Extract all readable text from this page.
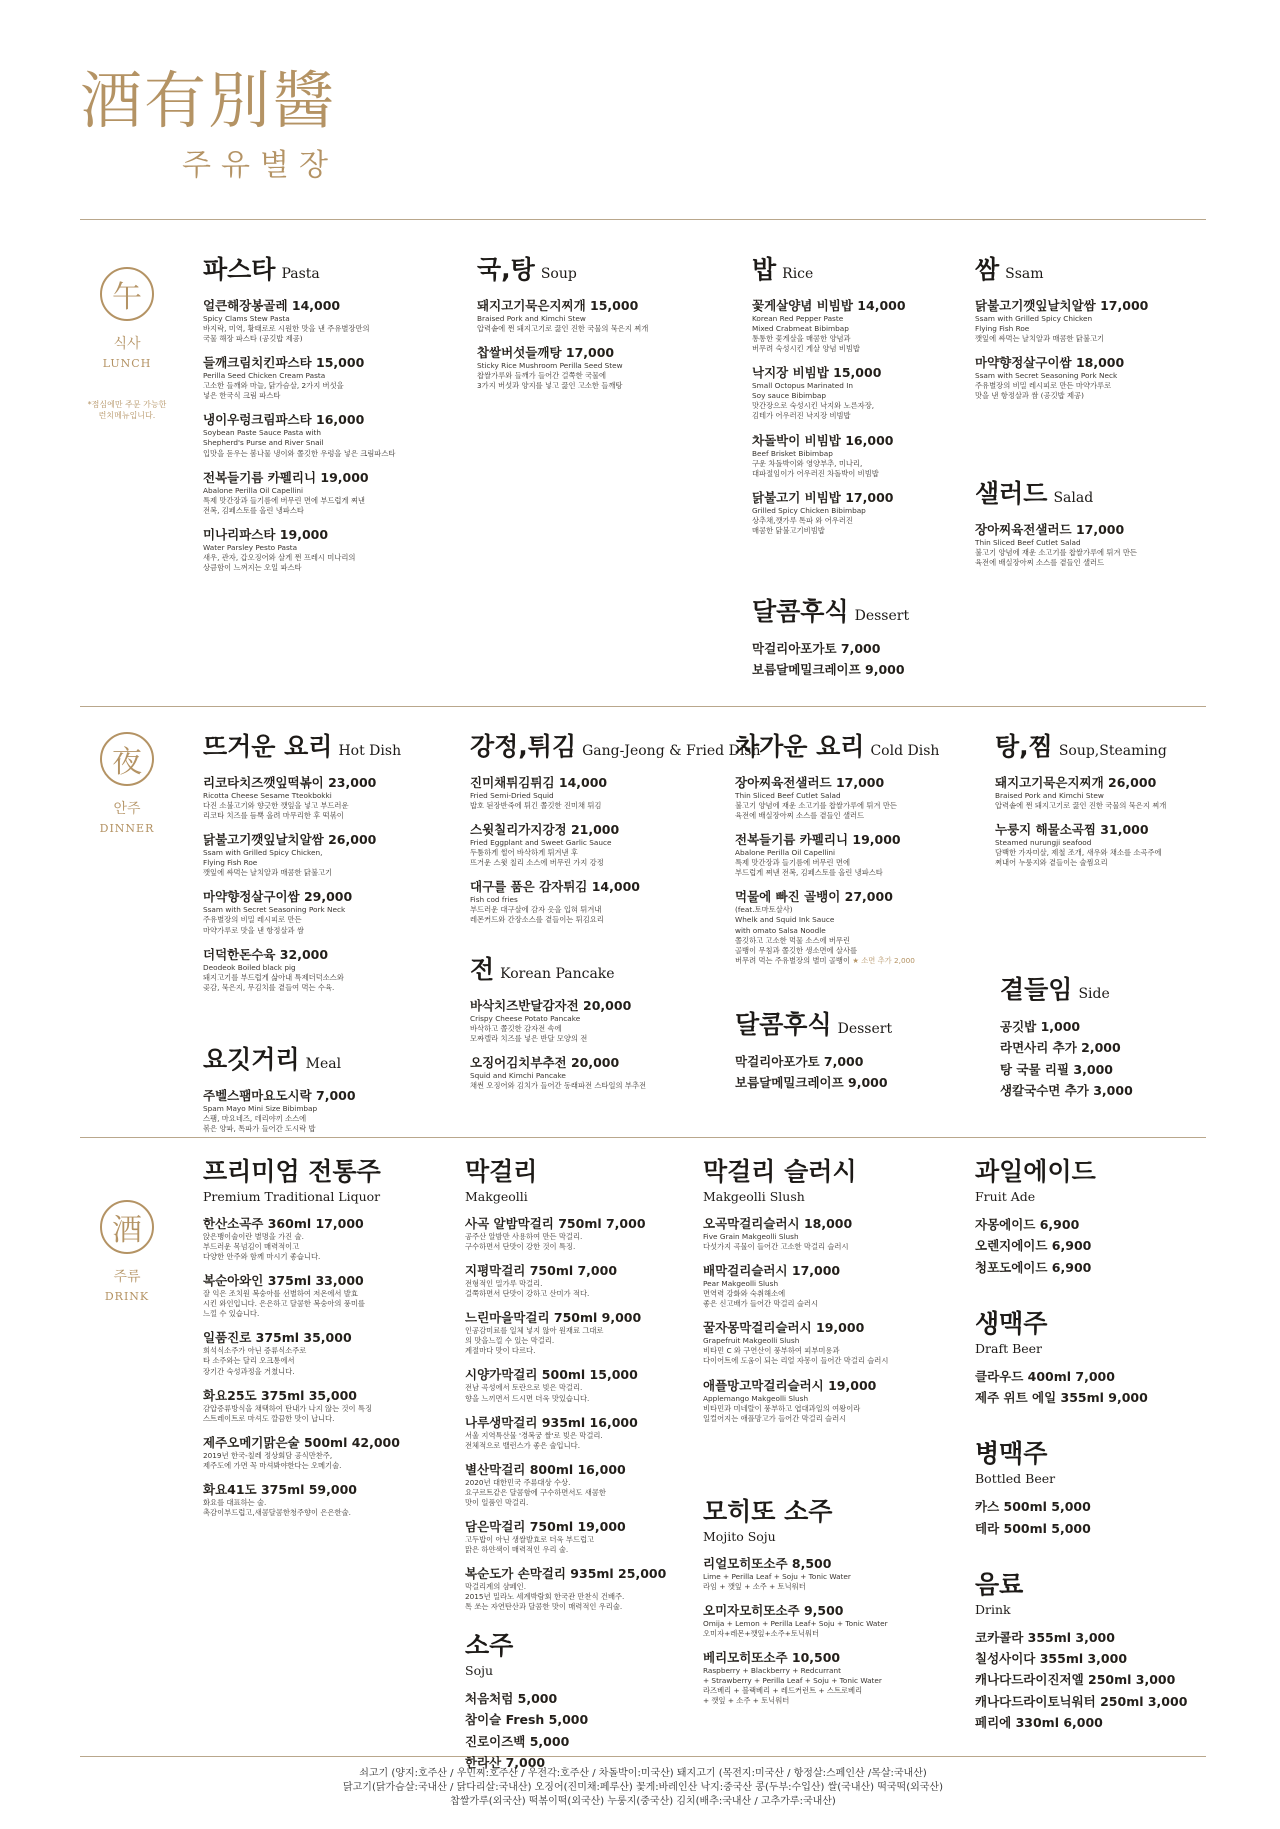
酒有別醬
주유별장
午
식사
LUNCH
*점심에만 주문 가능한
런치메뉴입니다.
夜
안주
DINNER
酒
주류
DRINK
파스타 Pasta
얼큰해장봉골레 14,000
Spicy Clams Stew Pasta
바지락, 미역, 황태로로 시원한 맛을 낸 주유별장만의
국물 해장 파스타 (공깃밥 제공)
들깨크림치킨파스타 15,000
Perilla Seed Chicken Cream Pasta
고소한 들깨와 마늘, 닭가슴살, 2가지 버섯을
넣은 한국식 크림 파스타
냉이우렁크림파스타 16,000
Soybean Paste Sauce Pasta with
Shepherd's Purse and River Snail
입맛을 돋우는 봄나물 냉이와 쫄깃한 우렁을 넣은 크림파스타
전복들기름 카펠리니 19,000
Abalone Perilla Oil Capellini
특제 맛간장과 들기름에 버무린 면에 부드럽게 쪄낸
전복, 김페스토를 올린 냉파스타
미나리파스타 19,000
Water Parsley Pesto Pasta
새우, 관자, 갑오징어와 살게 쩐 프레시 미나리의
상큼함이 느껴지는 오일 파스타
국,탕 Soup
돼지고기묵은지찌개 15,000
Braised Pork and Kimchi Stew
압력솥에 쩐 돼지고기로 끓인 진한 국물의 묵은지 찌개
찹쌀버섯들깨탕 17,000
Sticky Rice Mushroom Perilla Seed Stew
찹쌀가루와 들깨가 들어간 걸쭉한 국물에
3가지 버섯과 양지를 넣고 끓인 고소한 들깨탕
밥 Rice
꽃게살양념 비빔밥 14,000
Korean Red Pepper Paste
Mixed Crabmeat Bibimbap
통통한 꽃게살을 매콤한 양념과
버무려 숙성시킨 게살 양념 비빔밥
낙지장 비빔밥 15,000
Small Octopus Marinated In
Soy sauce Bibimbap
맛간장으로 숙성시킨 낙지와 노른자장,
김테가 어우러진 낙지장 비빔밥
차돌박이 비빔밥 16,000
Beef Brisket Bibimbap
구운 차돌박이와 영양부추, 미나리,
대파절임이가 어우러진 차돌박이 비빔밥
닭불고기 비빔밥 17,000
Grilled Spicy Chicken Bibimbap
상추채,깻가루 톡파 와 어우러진
매콤한 닭불고기비빔밥
달콤후식 Dessert
막걸리아포가토 7,000
보름달메밀크레이프 9,000
쌈 Ssam
닭불고기깻잎날치알쌈 17,000
Ssam with Grilled Spicy Chicken
Flying Fish Roe
깻잎에 싸먹는 날치알과 매콤한 닭불고기
마약향정살구이쌈 18,000
Ssam with Secret Seasoning Pork Neck
주유별장의 비밀 레시피로 만든 마약가루로
맛을 낸 항정살과 쌈 (공깃밥 제공)
샐러드 Salad
장아찌육전샐러드 17,000
Thin Sliced Beef Cutlet Salad
불고기 양념에 재운 소고기를 찹쌀가루에 튀겨 만든
육전에 배실장아찌 소스를 곁들인 샐러드
뜨거운 요리 Hot Dish
리코타치즈깻잎떡볶이 23,000
Ricotta Cheese Sesame Tteokbokki
다진 소불고기와 향긋한 깻잎을 넣고 부드러운
리코타 치즈를 듬뿍 올려 마무리한 후 떡볶이
닭불고기깻잎날치알쌈 26,000
Ssam with Grilled Spicy Chicken,
Flying Fish Roe
깻잎에 싸먹는 날치알과 매콤한 닭불고기
마약향정살구이쌈 29,000
Ssam with Secret Seasoning Pork Neck
주유별장의 비밀 레시피로 만든
마약가루로 맛을 낸 항정살과 쌈
더덕한돈수육 32,000
Deodeok Boiled black pig
돼지고기를 부드럽게 삶아내 특제더덕소스와
곶감, 묵은지, 무김치를 곁들여 먹는 수육.
요깃거리 Meal
주벨스팸마요도시락 7,000
Spam Mayo Mini Size Bibimbap
스팸, 마요네즈, 데리야끼 소스에
볶은 양파, 톡파가 들어간 도시락 밥
강정,튀김 Gang-Jeong & Fried Dish
진미채튀김튀김 14,000
Fried Semi-Dried Squid
밥호 된장반죽에 튀긴 쫄깃한 진미채 튀김
스윗칠리가지강정 21,000
Fried Eggplant and Sweet Garlic Sauce
두툼하게 썰어 바삭하게 튀겨낸 후
뜨거운 스윗 칠리 소스에 버무린 가지 강정
대구를 품은 감자튀김 14,000
Fish cod fries
부드러운 대구살에 감자 옷을 입혀 튀겨내
레몬커드와 간장소스를 곁들이는 튀김요리
전 Korean Pancake
바삭치즈반달감자전 20,000
Crispy Cheese Potato Pancake
바삭하고 쫄깃한 감자전 속에
모짜렐라 치즈를 넣은 반달 모양의 전
오징어김치부추전 20,000
Squid and Kimchi Pancake
채썬 오징어와 김치가 들어간 동래파전 스타일의 부추전
차가운 요리 Cold Dish
장아찌육전샐러드 17,000
Thin Sliced Beef Cutlet Salad
불고기 양념에 재운 소고기를 찹쌀가루에 튀겨 만든
육전에 배실장아찌 소스를 곁들인 샐러드
전복들기름 카펠리니 19,000
Abalone Perilla Oil Capellini
특제 맛간장과 들기름에 버무린 면에
부드럽게 쪄낸 전복, 김페스토를 올린 냉파스타
먹물에 빠진 골뱅이 27,000
(feat.토마토살사)
Whelk and Squid Ink Sauce
with omato Salsa Noodle
쫄깃하고 고소한 먹물 소스에 버무린
골뱅이 무침과 쫄깃한 생소면에 살사를
버무려 먹는 주유별장의 별미 골뱅이 ★ 소면 추가 2,000
달콤후식 Dessert
막걸리아포가토 7,000
보름달메밀크레이프 9,000
탕,찜 Soup,Steaming
돼지고기묵은지찌개 26,000
Braised Pork and Kimchi Stew
압력솥에 쩐 돼지고기로 끓인 진한 국물의 묵은지 찌개
누룽지 해물소곡찜 31,000
Steamed nurungji seafood
담백한 가자미살, 제철 조개, 새우와 채소를 소곡주에
쩌내어 누룽지와 곁들이는 술찜요리
곁들임 Side
공깃밥 1,000
라면사리 추가 2,000
탕 국물 리필 3,000
생칼국수면 추가 3,000
프리미엄 전통주
Premium Traditional Liquor
한산소곡주 360ml 17,000
앉은뱅이술이란 별명을 가진 술.
부드러운 목넘김이 매력적이고
다양한 안주와 함께 마시기 좋습니다.
복순아와인 375ml 33,000
잘 익은 조치원 복숭아를 선별하여 저온에서 발효
시킨 와인입니다. 은은하고 달콤한 복숭아의 풍미를
느낄 수 있습니다.
일품진로 375ml 35,000
희석식소주가 아닌 증류식소주로
타 소주와는 달리 오크통에서
장기간 숙성과정을 거쳤니다.
화요25도 375ml 35,000
감압증류방식을 채택하여 탄내가 나지 않는 것이 특징
스트레이트로 마셔도 깔끔한 맛이 납니다.
제주오메기맑은술 500ml 42,000
2019년 한국-칠레 정상회담 공식만찬주,
제주도에 가면 꼭 마셔봐야한다는 오메기술.
화요41도 375ml 59,000
화요를 대표하는 술.
촉감이부드럽고,새콤달콤한청주향이 은은한술.
막걸리
Makgeolli
사곡 알밤막걸리 750ml 7,000
공주산 알밤만 사용하여 만든 막걸리.
구수하면서 단맛이 강한 것이 특징.
지평막걸리 750ml 7,000
전형적인 밀가루 막걸리.
걸쭉하면서 단맛이 강하고 산미가 적다.
느린마을막걸리 750ml 9,000
인공감미료를 일체 넣지 않아 원재료 그대로
의 맛을느낄 수 있는 막걸리.
계절마다 맛이 다르다.
시양가막걸리 500ml 15,000
전남 곡성에서 토란으로 빚은 막걸리.
향을 느끼면서 드시면 더욱 맛있습니다.
나루생막걸리 935ml 16,000
서울 지역특산물 '경복궁 쌀'로 빚은 막걸리.
전체적으로 밸런스가 좋은 술입니다.
별산막걸리 800ml 16,000
2020년 대한민국 주류대상 수상.
요구르트같은 달콤함에 구수하면서도 새콤한
맛이 일품인 막걸리.
담은막걸리 750ml 19,000
고두밥이 아닌 생쌀발효로 더욱 부드럽고
맑은 하얀색이 매력적인 우리 술.
복순도가 손막걸리 935ml 25,000
막걸리계의 샴페인.
2015년 밀라노 세계박람회 한국관 만찬식 건배주.
톡 쏘는 자연탄산과 달콤한 맛이 매력적인 우리술.
소주
Soju
처음처럼 5,000
참이슬 Fresh 5,000
진로이즈백 5,000
한라산 7,000
막걸리 슬러시
Makgeolli Slush
오곡막걸리슬러시 18,000
Five Grain Makgeolli Slush
다섯가지 곡물이 들어간 고소한 막걸리 슬러시
배막걸리슬러시 17,000
Pear Makgeolli Slush
면역력 강화와 숙취해소에
좋은 신고배가 들어간 막걸리 슬러시
꿀자몽막걸리슬러시 19,000
Grapefruit Makgeolli Slush
비타민 C 와 구연산이 풍부하여 피부미용과
다이어트에 도움이 되는 리얼 자몽이 들어간 막걸리 슬러시
애플망고막걸리슬러시 19,000
Applemango Makgeolli Slush
비타민과 미네랄이 풍부하고 엽대과일의 여왕이라
일컬어지는 애플망고가 들어간 막걸리 슬러시
모히또 소주
Mojito Soju
리얼모히또소주 8,500
Lime + Perilla Leaf + Soju + Tonic Water
라임 + 깻잎 + 소주 + 토닉워터
오미자모히또소주 9,500
Omija + Lemon + Perilla Leaf+ Soju + Tonic Water
오미자+레몬+깻잎+소주+토닉워터
베리모히또소주 10,500
Raspberry + Blackberry + Redcurrant
+ Strawberry + Perilla Leaf + Soju + Tonic Water
라즈베리 + 블랙베리 + 레드커런트 + 스트로베리
+ 깻잎 + 소주 + 토닉워터
과일에이드
Fruit Ade
자몽에이드 6,900
오렌지에이드 6,900
청포도에이드 6,900
생맥주
Draft Beer
클라우드 400ml 7,000
제주 위트 에일 355ml 9,000
병맥주
Bottled Beer
카스 500ml 5,000
테라 500ml 5,000
음료
Drink
코카콜라 355ml 3,000
칠성사이다 355ml 3,000
캐나다드라이진저엘 250ml 3,000
캐나다드라이토닉워터 250ml 3,000
페리에 330ml 6,000
쇠고기 (양지:호주산 / 우민찌:호주산 / 우전각:호주산 / 차돌박이:미국산) 돼지고기 (목전지:미국산 / 항정살:스페인산 /목살:국내산)
닭고기(닭가슴살:국내산 / 닭다리살:국내산) 오징어(진미채:페루산) 꽃게:바레인산 낙지:중국산 콩(두부:수입산) 쌀(국내산) 떡국떡(외국산)
찹쌀가루(외국산) 떡볶이떡(외국산) 누룽지(중국산) 김치(배추:국내산 / 고추가루:국내산)
